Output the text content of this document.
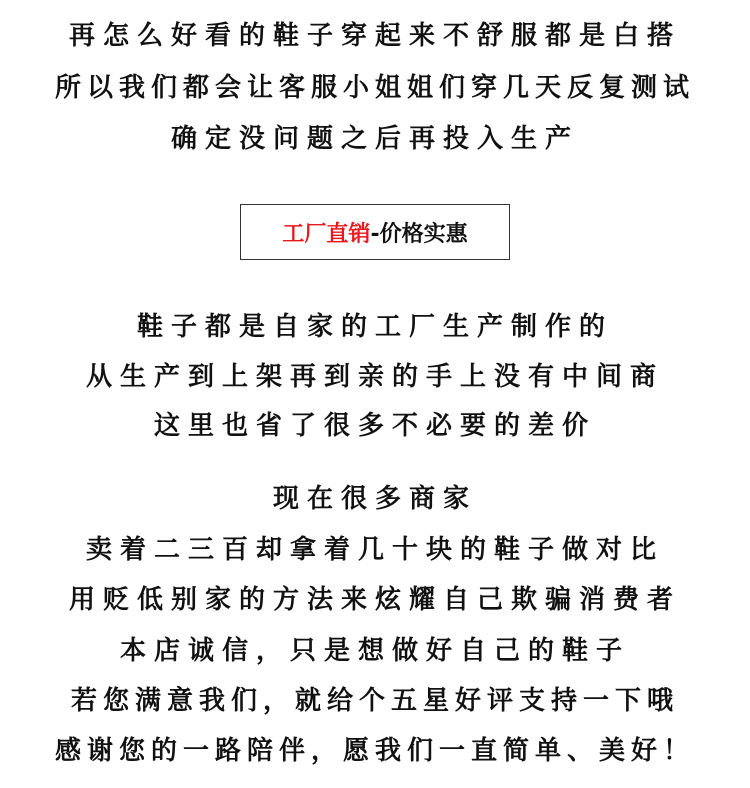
再怎么好看的鞋子穿起来不舒服都是白搭
所以我们都会让客服小姐姐们穿几天反复测试
确定没问题之后再投入生产
工厂直销 -价格实惠
鞋子都是自家的工厂生产制作的
从生产到上架再到亲的手上没有中间商
这里也省了很多不必要的差价
现在很多商家
卖着二三百却拿着几十块的鞋子做对比
用贬低别家的方法来炫耀自己欺骗消费者
本店诚信，只是想做好自己的鞋子
若您满意我们，就给个五星好评支持一下哦
感谢您的一路陪伴，愿我们一直简单、美好！
